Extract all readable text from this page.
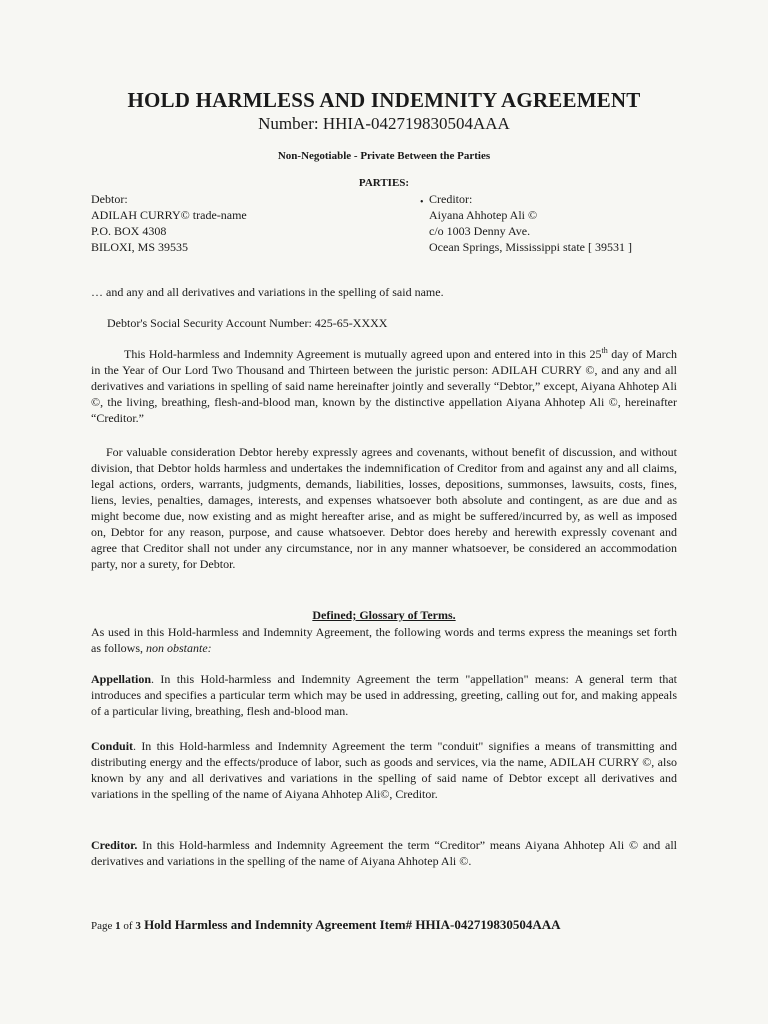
HOLD HARMLESS AND INDEMNITY AGREEMENT
Number: HHIA-042719830504AAA
Non-Negotiable - Private Between the Parties
PARTIES:
Debtor:
ADILAH CURRY© trade-name
P.O. BOX 4308
BILOXI, MS 39535
• Creditor:
Aiyana Ahhotep Ali ©
c/o 1003 Denny Ave.
Ocean Springs, Mississippi state [ 39531 ]

… and any and all derivatives and variations in the spelling of said name.

Debtor's Social Security Account Number: 425-65-XXXX

This Hold-harmless and Indemnity Agreement is mutually agreed upon and entered into in this 25th day of March in the Year of Our Lord Two Thousand and Thirteen between the juristic person: ADILAH CURRY ©, and any and all derivatives and variations in spelling of said name hereinafter jointly and severally “Debtor,” except, Aiyana Ahhotep Ali ©, the living, breathing, flesh-and-blood man, known by the distinctive appellation Aiyana Ahhotep Ali ©, hereinafter “Creditor.”

For valuable consideration Debtor hereby expressly agrees and covenants, without benefit of discussion, and without division, that Debtor holds harmless and undertakes the indemnification of Creditor from and against any and all claims, legal actions, orders, warrants, judgments, demands, liabilities, losses, depositions, summonses, lawsuits, costs, fines, liens, levies, penalties, damages, interests, and expenses whatsoever both absolute and contingent, as are due and as might become due, now existing and as might hereafter arise, and as might be suffered/incurred by, as well as imposed on, Debtor for any reason, purpose, and cause whatsoever. Debtor does hereby and herewith expressly covenant and agree that Creditor shall not under any circumstance, nor in any manner whatsoever, be considered an accommodation party, nor a surety, for Debtor.

Defined; Glossary of Terms.

As used in this Hold-harmless and Indemnity Agreement, the following words and terms express the meanings set forth as follows, non obstante:

Appellation. In this Hold-harmless and Indemnity Agreement the term "appellation" means: A general term that introduces and specifies a particular term which may be used in addressing, greeting, calling out for, and making appeals of a particular living, breathing, flesh and-blood man.

Conduit. In this Hold-harmless and Indemnity Agreement the term "conduit" signifies a means of transmitting and distributing energy and the effects/produce of labor, such as goods and services, via the name, ADILAH CURRY ©, also known by any and all derivatives and variations in the spelling of said name of Debtor except all derivatives and variations in the spelling of the name of Aiyana Ahhotep Ali©, Creditor.

Creditor. In this Hold-harmless and Indemnity Agreement the term “Creditor” means Aiyana Ahhotep Ali © and all derivatives and variations in the spelling of the name of Aiyana Ahhotep Ali ©.

Page 1 of 3 Hold Harmless and Indemnity Agreement Item# HHIA-042719830504AAA
